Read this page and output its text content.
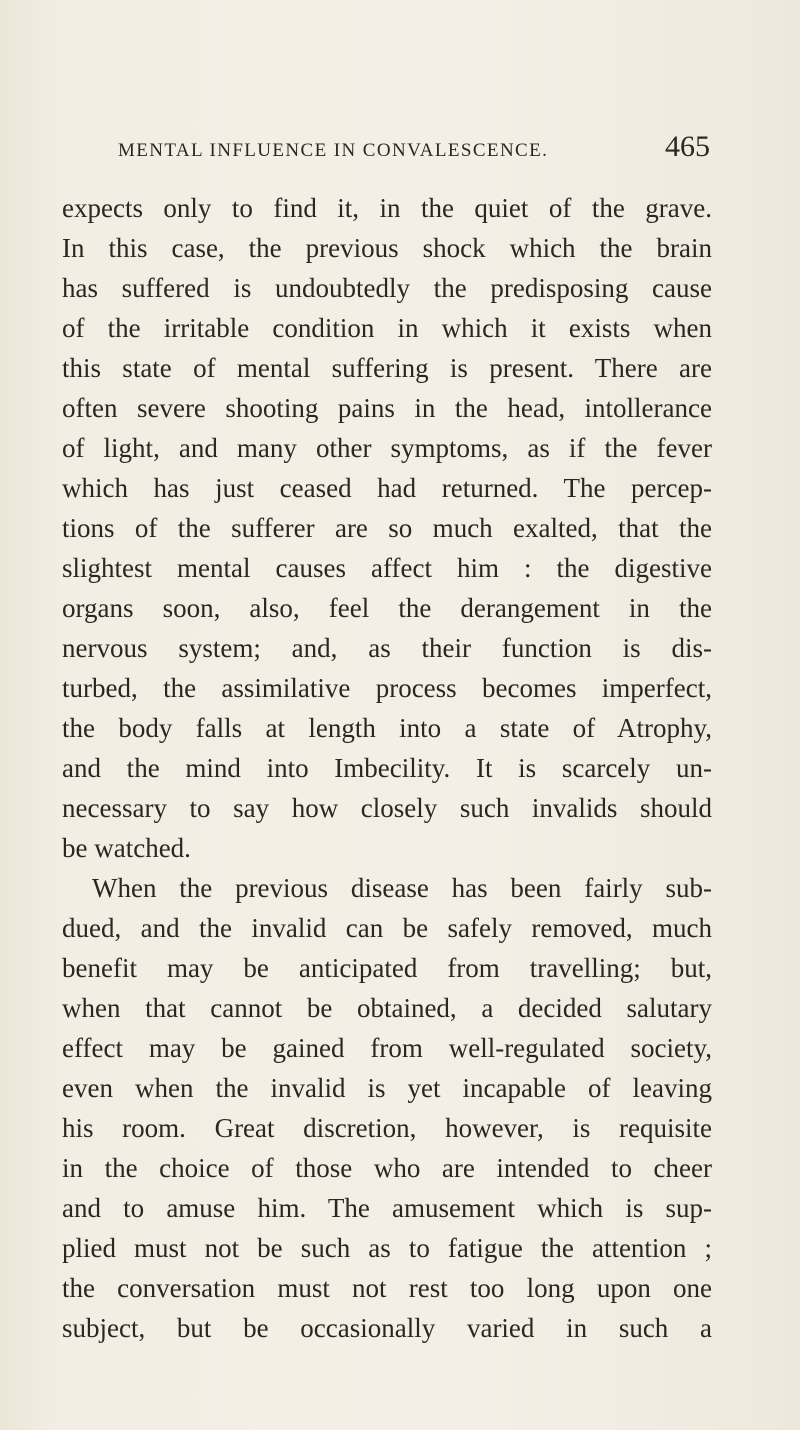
MENTAL INFLUENCE IN CONVALESCENCE.	465
expects only to find it, in the quiet of the grave.
In this case, the previous shock which the brain
has suffered is undoubtedly the predisposing cause
of the irritable condition in which it exists when
this state of mental suffering is present. There are
often severe shooting pains in the head, intollerance
of light, and many other symptoms, as if the fever
which has just ceased had returned. The percep-
tions of the sufferer are so much exalted, that the
slightest mental causes affect him : the digestive
organs soon, also, feel the derangement in the
nervous system; and, as their function is dis-
turbed, the assimilative process becomes imperfect,
the body falls at length into a state of Atrophy,
and the mind into Imbecility. It is scarcely un-
necessary to say how closely such invalids should
be watched.
When the previous disease has been fairly sub-
dued, and the invalid can be safely removed, much
benefit may be anticipated from travelling; but,
when that cannot be obtained, a decided salutary
effect may be gained from well-regulated society,
even when the invalid is yet incapable of leaving
his room. Great discretion, however, is requisite
in the choice of those who are intended to cheer
and to amuse him. The amusement which is sup-
plied must not be such as to fatigue the attention ;
the conversation must not rest too long upon one
subject, but be occasionally varied in such a
